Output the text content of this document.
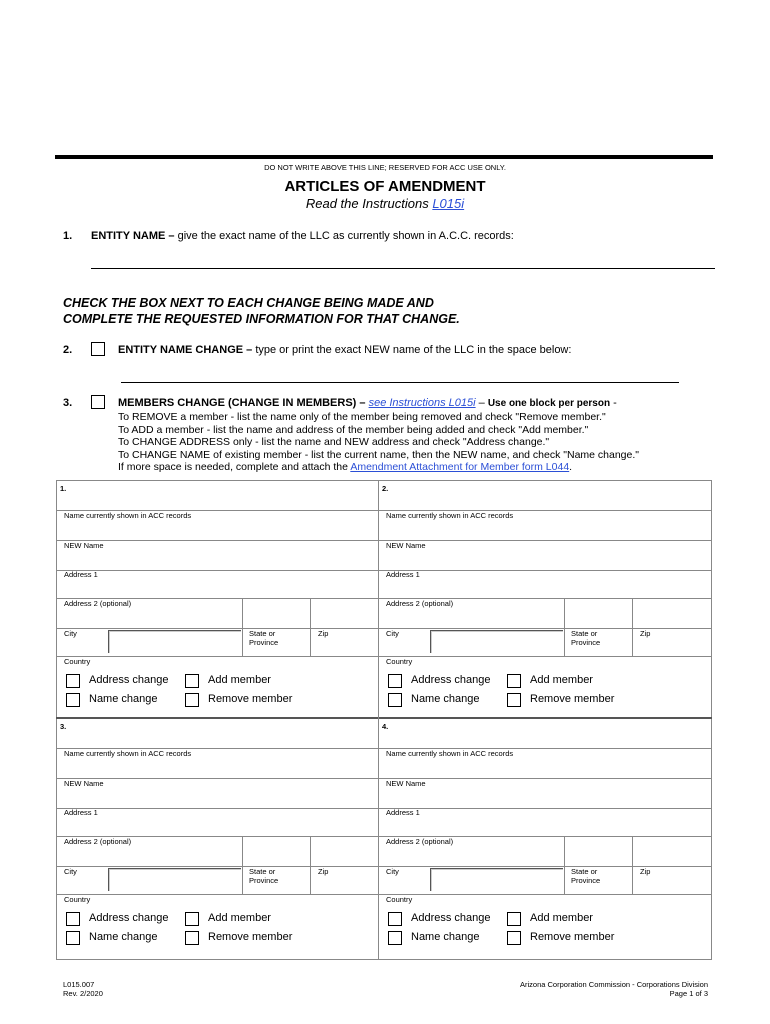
DO NOT WRITE ABOVE THIS LINE; RESERVED FOR ACC USE ONLY.
ARTICLES OF AMENDMENT
Read the Instructions L015i
1. ENTITY NAME – give the exact name of the LLC as currently shown in A.C.C. records:
CHECK THE BOX NEXT TO EACH CHANGE BEING MADE AND
COMPLETE THE REQUESTED INFORMATION FOR THAT CHANGE.
2.	ENTITY NAME CHANGE – type or print the exact NEW name of the LLC in the space below:
3.	MEMBERS CHANGE (CHANGE IN MEMBERS) – see Instructions L015i – Use one block per person -
To REMOVE a member - list the name only of the member being removed and check "Remove member."
To ADD a member - list the name and address of the member being added and check "Add member."
To CHANGE ADDRESS only - list the name and NEW address and check "Address change."
To CHANGE NAME of existing member - list the current name, then the NEW name, and check "Name change."
If more space is needed, complete and attach the Amendment Attachment for Member form L044.
1.
Name currently shown in ACC records
NEW Name
Address 1
Address 2 (optional)
City	State or
Province
Zip
Country
Address change	Add member
Name change	Remove member
2.
Name currently shown in ACC records
NEW Name
Address 1
Address 2 (optional)
City	State or
Province
Zip
Country
Address change	Add member
Name change	Remove member
3.
Name currently shown in ACC records
NEW Name
Address 1
Address 2 (optional)
City	State or
Province
Zip
Country
Address change	Add member
Name change	Remove member
4.
Name currently shown in ACC records
NEW Name
Address 1
Address 2 (optional)
City	State or
Province
Zip
Country
Address change	Add member
Name change	Remove member
L015.007
Rev. 2/2020
Arizona Corporation Commission - Corporations Division
Page 1 of 3
